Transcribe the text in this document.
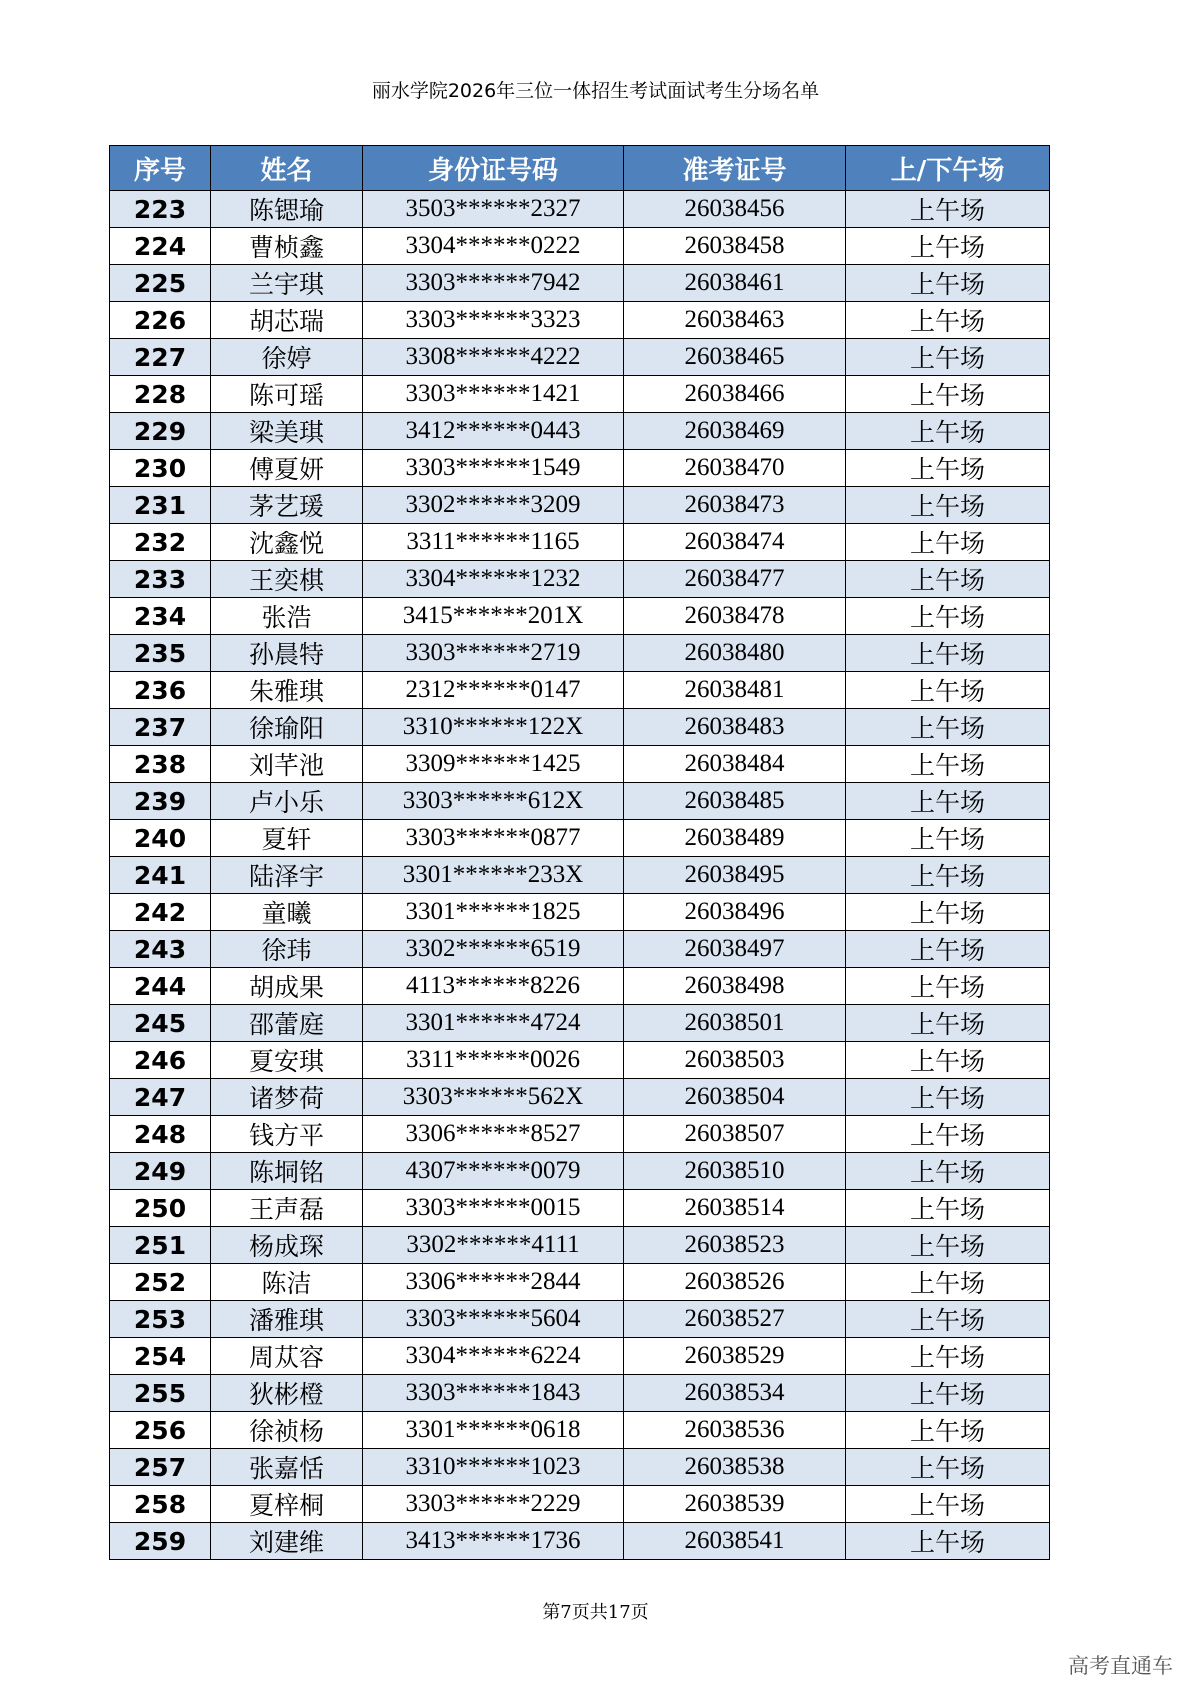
丽水学院2026年三位一体招生考试面试考生分场名单
序号	姓名	身份证号码	准考证号	上/下午场
223	陈锶瑜	3503******2327	26038456	上午场
224	曹桢鑫	3304******0222	26038458	上午场
225	兰宇琪	3303******7942	26038461	上午场
226	胡芯瑞	3303******3323	26038463	上午场
227	徐婷	3308******4222	26038465	上午场
228	陈可瑶	3303******1421	26038466	上午场
229	梁美琪	3412******0443	26038469	上午场
230	傅夏妍	3303******1549	26038470	上午场
231	茅艺瑗	3302******3209	26038473	上午场
232	沈鑫悦	3311******1165	26038474	上午场
233	王奕棋	3304******1232	26038477	上午场
234	张浩	3415******201X	26038478	上午场
235	孙晨特	3303******2719	26038480	上午场
236	朱雅琪	2312******0147	26038481	上午场
237	徐瑜阳	3310******122X	26038483	上午场
238	刘芊池	3309******1425	26038484	上午场
239	卢小乐	3303******612X	26038485	上午场
240	夏轩	3303******0877	26038489	上午场
241	陆泽宇	3301******233X	26038495	上午场
242	童曦	3301******1825	26038496	上午场
243	徐玮	3302******6519	26038497	上午场
244	胡成果	4113******8226	26038498	上午场
245	邵蕾庭	3301******4724	26038501	上午场
246	夏安琪	3311******0026	26038503	上午场
247	诸梦荷	3303******562X	26038504	上午场
248	钱方平	3306******8527	26038507	上午场
249	陈垌铭	4307******0079	26038510	上午场
250	王声磊	3303******0015	26038514	上午场
251	杨成琛	3302******4111	26038523	上午场
252	陈洁	3306******2844	26038526	上午场
253	潘雅琪	3303******5604	26038527	上午场
254	周苁容	3304******6224	26038529	上午场
255	狄彬橙	3303******1843	26038534	上午场
256	徐祯杨	3301******0618	26038536	上午场
257	张嘉恬	3310******1023	26038538	上午场
258	夏梓桐	3303******2229	26038539	上午场
259	刘建维	3413******1736	26038541	上午场
第7页共17页
高考直通车
